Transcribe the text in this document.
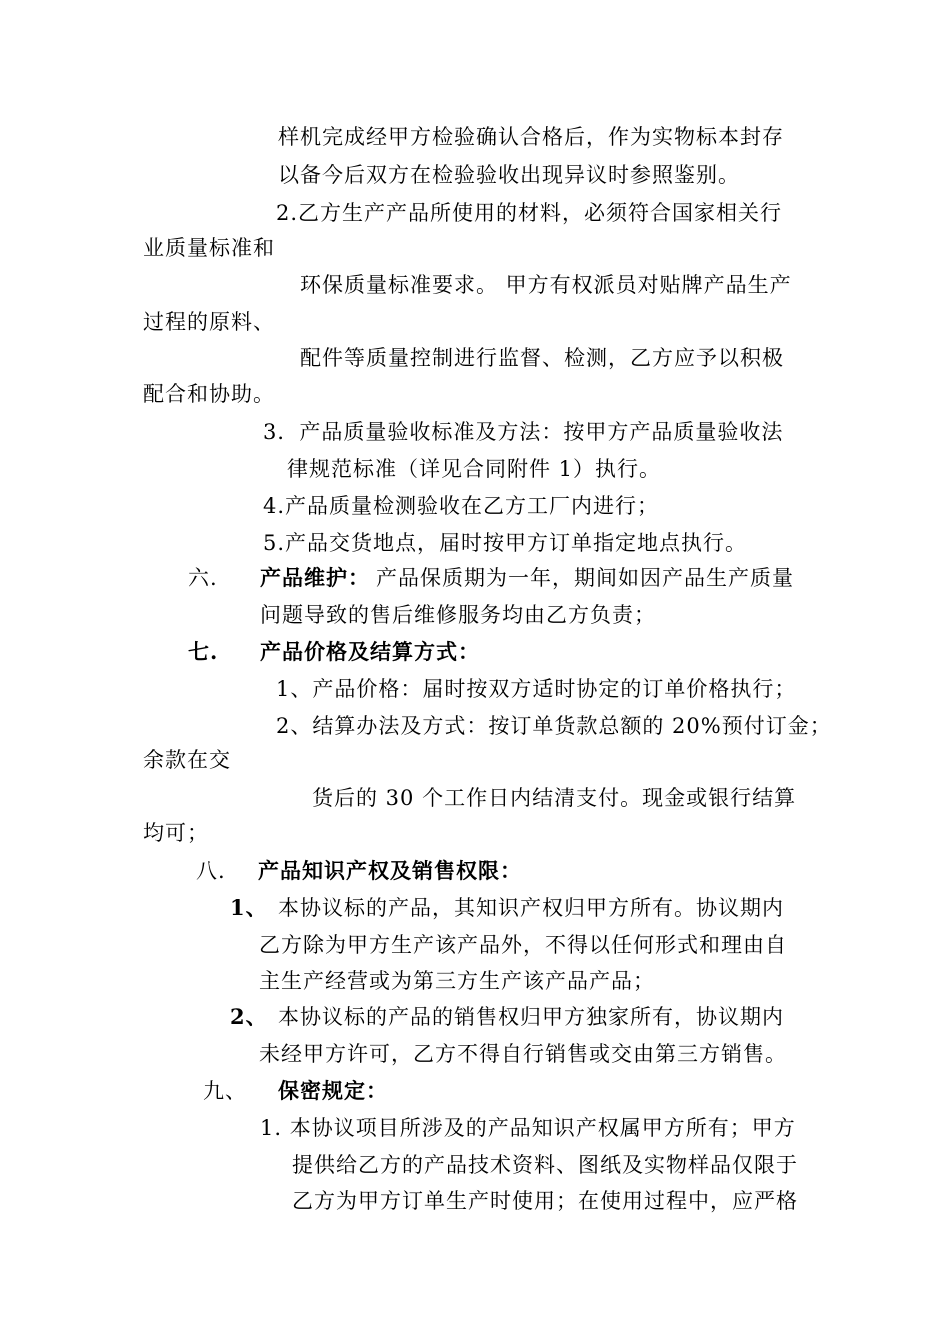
样机完成经甲方检验确认合格后，作为实物标本封存
以备今后双方在检验验收出现异议时参照鉴别。
2.乙方生产产品所使用的材料，必须符合国家相关行
业质量标准和
环保质量标准要求。 甲方有权派员对贴牌产品生产
过程的原料、
配件等质量控制进行监督、检测，乙方应予以积极
配合和协助。
3．产品质量验收标准及方法：按甲方产品质量验收法
律规范标准（详见合同附件 1）执行。
4.产品质量检测验收在乙方工厂内进行；
5.产品交货地点，届时按甲方订单指定地点执行。
六. 产品维护： 产品保质期为一年，期间如因产品生产质量
问题导致的售后维修服务均由乙方负责；
七. 产品价格及结算方式：
1、产品价格：届时按双方适时协定的订单价格执行；
2、结算办法及方式：按订单货款总额的 20%预付订金；
余款在交
货后的 30 个工作日内结清支付。现金或银行结算
均可；
八. 产品知识产权及销售权限：
1、 本协议标的产品，其知识产权归甲方所有。协议期内
乙方除为甲方生产该产品外，不得以任何形式和理由自
主生产经营或为第三方生产该产品产品；
2、 本协议标的产品的销售权归甲方独家所有，协议期内
未经甲方许可，乙方不得自行销售或交由第三方销售。
九、 保密规定：
1. 本协议项目所涉及的产品知识产权属甲方所有；甲方
提供给乙方的产品技术资料、图纸及实物样品仅限于
乙方为甲方订单生产时使用；在使用过程中，应严格
